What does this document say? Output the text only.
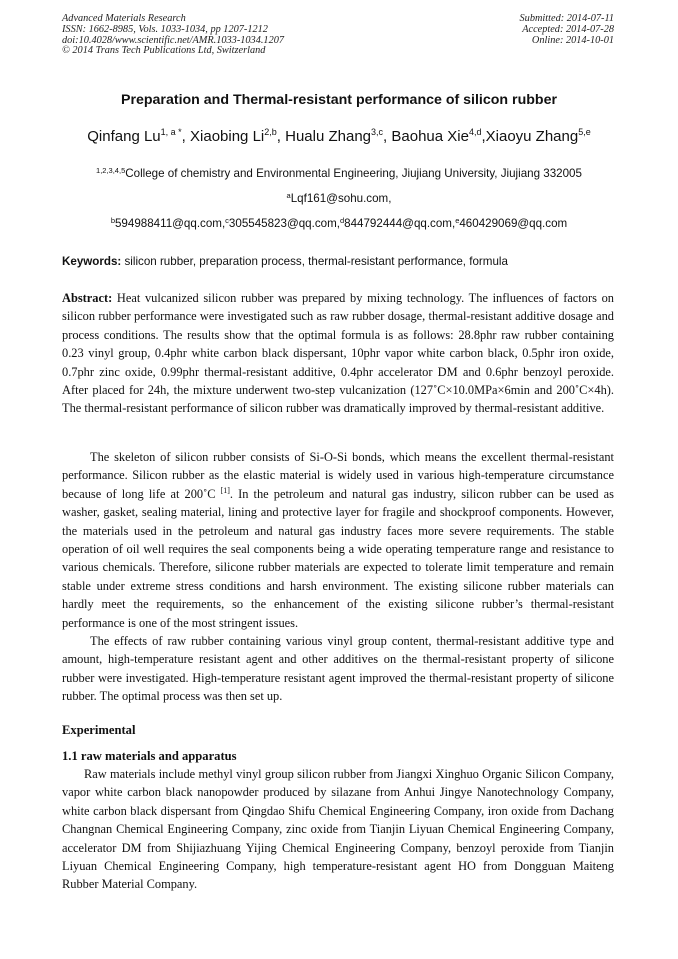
Advanced Materials Research
ISSN: 1662-8985, Vols. 1033-1034, pp 1207-1212
doi:10.4028/www.scientific.net/AMR.1033-1034.1207
© 2014 Trans Tech Publications Ltd, Switzerland
Submitted: 2014-07-11
Accepted: 2014-07-28
Online: 2014-10-01
Preparation and Thermal-resistant performance of silicon rubber
Qinfang $Lu^{1, a *}$, Xiaobing Li$^{2,b}$, Hualu Zhang$^{3,c}$, Baohua Xie$^{4,d}$,Xiaoyu Zhang$^{5,e}$
$^{1,2,3,4,5}$College of chemistry and Environmental Engineering, Jiujiang University, Jiujiang 332005
$^a$Lqf161@sohu.com,
$^b$594988411@qq.com,$^c$305545823@qq.com,$^d$844792444@qq.com,$^e$460429069@qq.com
Keywords: silicon rubber, preparation process, thermal-resistant performance, formula

Abstract: Heat vulcanized silicon rubber was prepared by mixing technology. The influences of factors on silicon rubber performance were investigated such as raw rubber dosage, thermal-resistant additive dosage and process conditions. The results show that the optimal formula is as follows: 28.8phr raw rubber containing 0.23 vinyl group, 0.4phr white carbon black dispersant, 10phr vapor white carbon black, 0.5phr iron oxide, 0.7phr zinc oxide, 0.99phr thermal-resistant additive, 0.4phr accelerator DM and 0.6phr benzoyl peroxide. After placed for 24h, the mixture underwent two-step vulcanization (127˚C×10.0MPa×6min and 200˚C×4h). The thermal-resistant performance of silicon rubber was dramatically improved by thermal-resistant additive.

The skeleton of silicon rubber consists of Si-O-Si bonds, which means the excellent thermal-resistant performance. Silicon rubber as the elastic material is widely used in various high-temperature circumstance because of long life at 200˚C [1]. In the petroleum and natural gas industry, silicon rubber can be used as washer, gasket, sealing material, lining and protective layer for fragile and shockproof components. However, the materials used in the petroleum and natural gas industry faces more severe requirements. The stable operation of oil well requires the seal components being a wide operating temperature range and resistance to various chemicals. Therefore, silicone rubber materials are expected to tolerate limit temperature and remain stable under extreme stress conditions and harsh environment. The existing silicone rubber materials can hardly meet the requirements, so the enhancement of the existing silicone rubber’s thermal-resistant performance is one of the most stringent issues.

The effects of raw rubber containing various vinyl group content, thermal-resistant additive type and amount, high-temperature resistant agent and other additives on the thermal-resistant property of silicone rubber were investigated. High-temperature resistant agent improved the thermal-resistant property of silicone rubber. The optimal process was then set up.

Experimental
1.1 raw materials and apparatus

Raw materials include methyl vinyl group silicon rubber from Jiangxi Xinghuo Organic Silicon Company, vapor white carbon black nanopowder produced by silazane from Anhui Jingye Nanotechnology Company, white carbon black dispersant from Qingdao Shifu Chemical Engineering Company, iron oxide from Dachang Changnan Chemical Engineering Company, zinc oxide from Tianjin Liyuan Chemical Engineering Company, accelerator DM from Shijiazhuang Yijing Chemical Engineering Company, benzoyl peroxide from Tianjin Liyuan Chemical Engineering Company, high temperature-resistant agent HO from Dongguan Maiteng Rubber Material Company.
